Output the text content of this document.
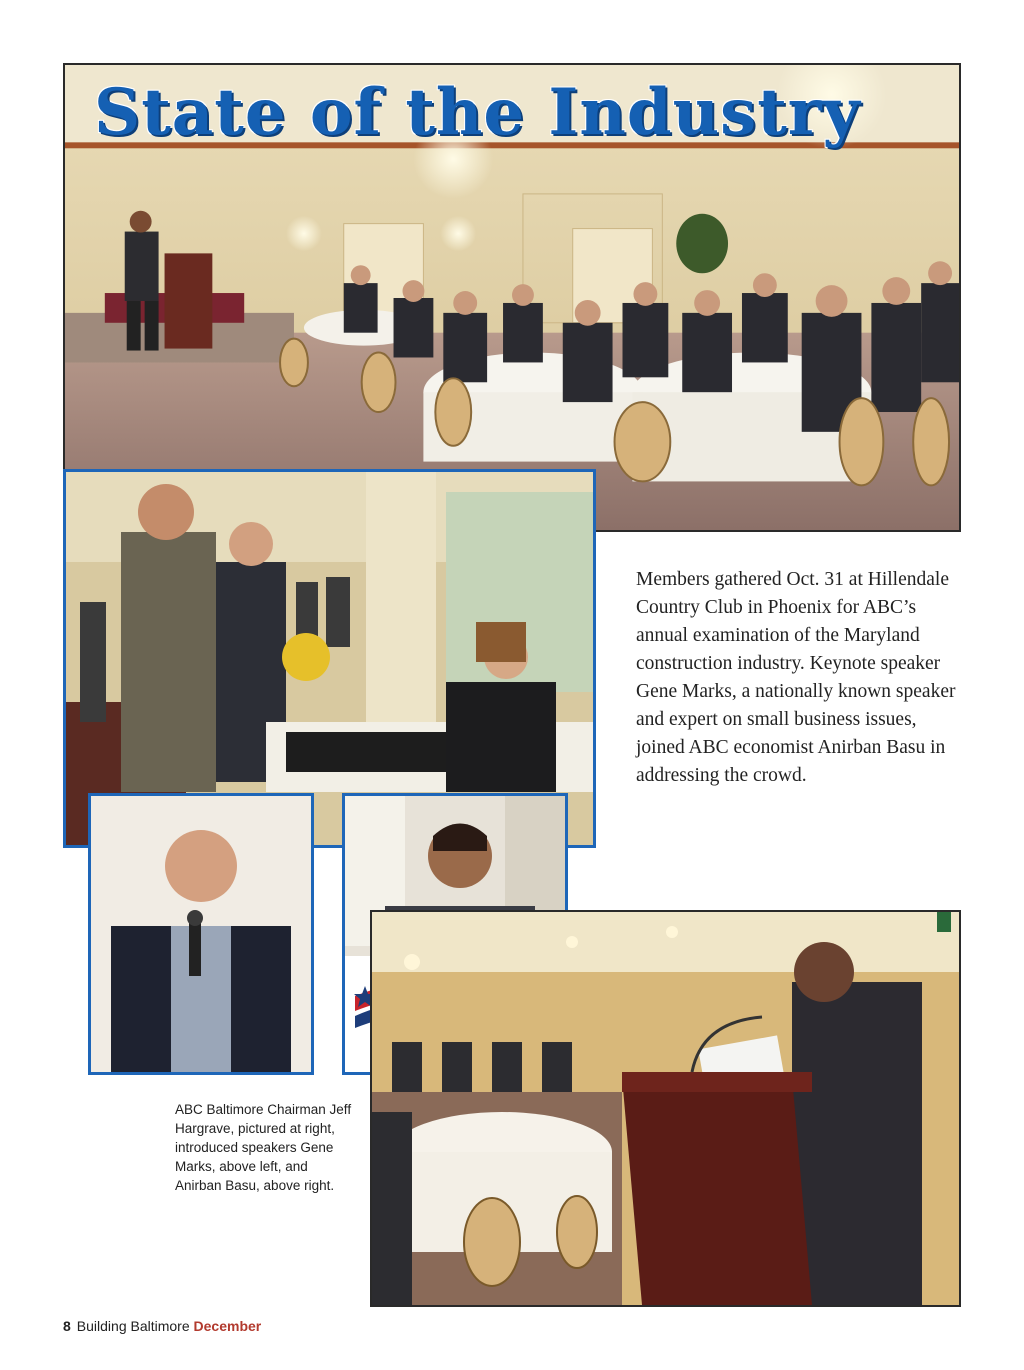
State of the Industry

Members gathered Oct. 31 at Hillendale Country Club in Phoenix for ABC’s annual examination of the Maryland construction industry. Keynote speaker Gene Marks, a nationally known speaker and expert on small business issues, joined ABC economist Anirban Basu in addressing the crowd.

ABC Baltimore Chairman Jeff Hargrave, pictured at right, introduced speakers Gene Marks, above left, and Anirban Basu, above right.

8 Building Baltimore December
